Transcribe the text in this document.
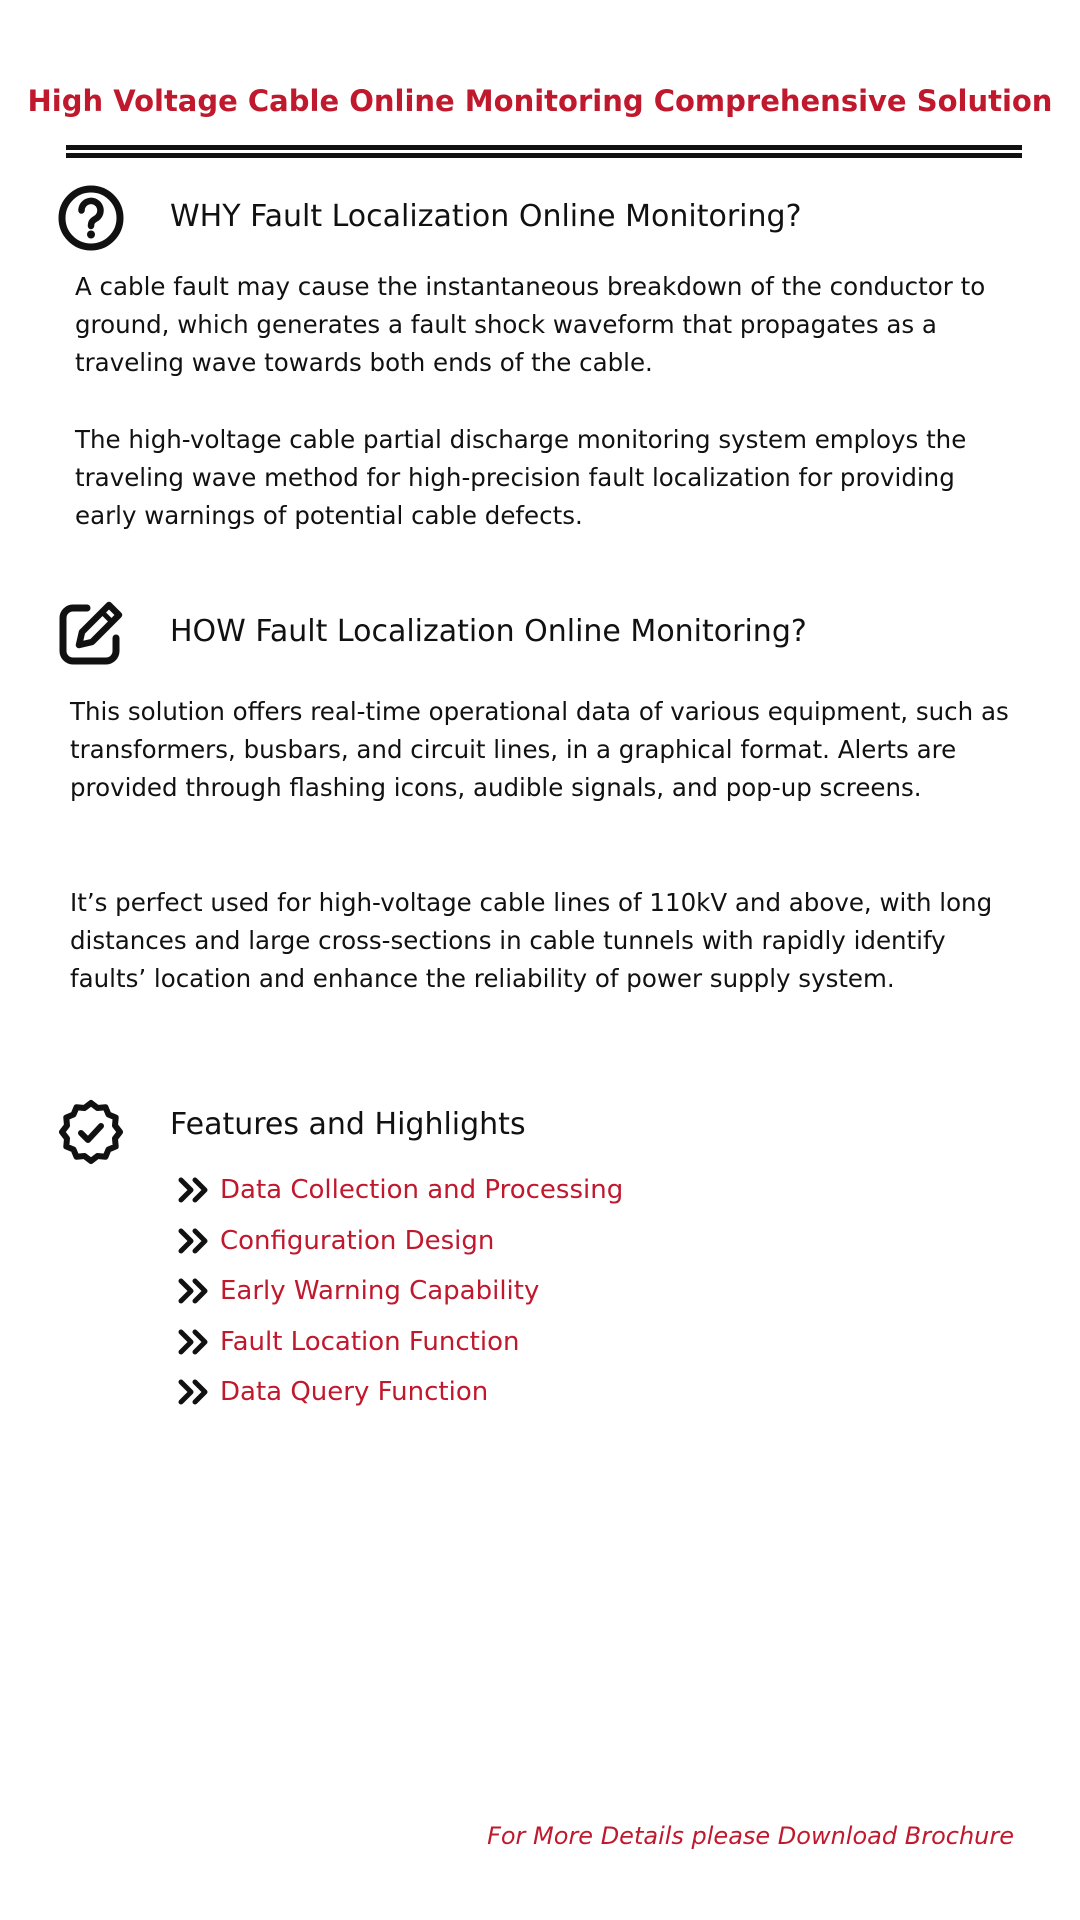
High Voltage Cable Online Monitoring Comprehensive Solution
WHY Fault Localization Online Monitoring?

A cable fault may cause the instantaneous breakdown of the conductor to ground, which generates a fault shock waveform that propagates as a traveling wave towards both ends of the cable.

The high-voltage cable partial discharge monitoring system employs the traveling wave method for high-precision fault localization for providing early warnings of potential cable defects.

HOW Fault Localization Online Monitoring?

This solution offers real-time operational data of various equipment, such as transformers, busbars, and circuit lines, in a graphical format. Alerts are provided through flashing icons, audible signals, and pop-up screens.

It’s perfect used for high-voltage cable lines of 110kV and above, with long distances and large cross-sections in cable tunnels with rapidly identify faults’ location and enhance the reliability of power supply system.

Features and Highlights
Data Collection and Processing
Configuration Design
Early Warning Capability
Fault Location Function
Data Query Function
For More Details please Download Brochure
